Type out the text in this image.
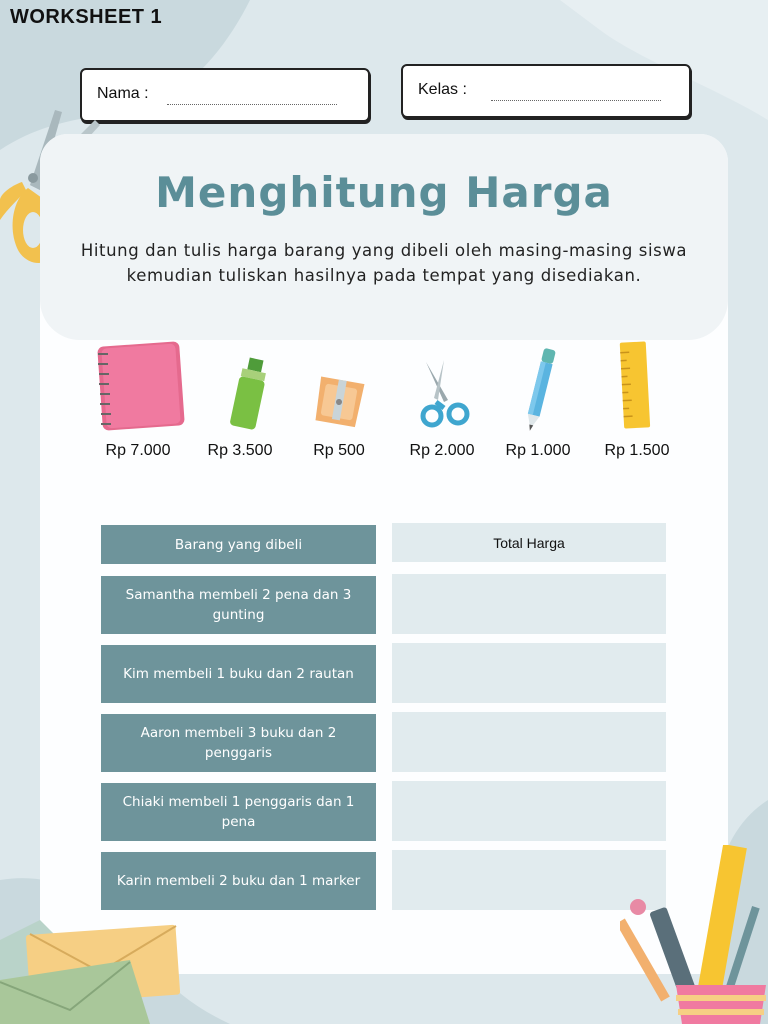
WORKSHEET 1
Nama :	Kelas :
Menghitung Harga
Hitung dan tulis harga barang yang dibeli oleh masing-masing siswa kemudian tuliskan hasilnya pada tempat yang disediakan.
Rp 7.000	Rp 3.500	Rp 500	Rp 2.000	Rp 1.000	Rp 1.500
Barang yang dibeli	Total Harga
Samantha membeli 2 pena dan 3 gunting
Kim membeli 1 buku dan 2 rautan
Aaron membeli 3 buku dan 2 penggaris
Chiaki membeli 1 penggaris dan 1 pena
Karin membeli 2 buku dan 1 marker
